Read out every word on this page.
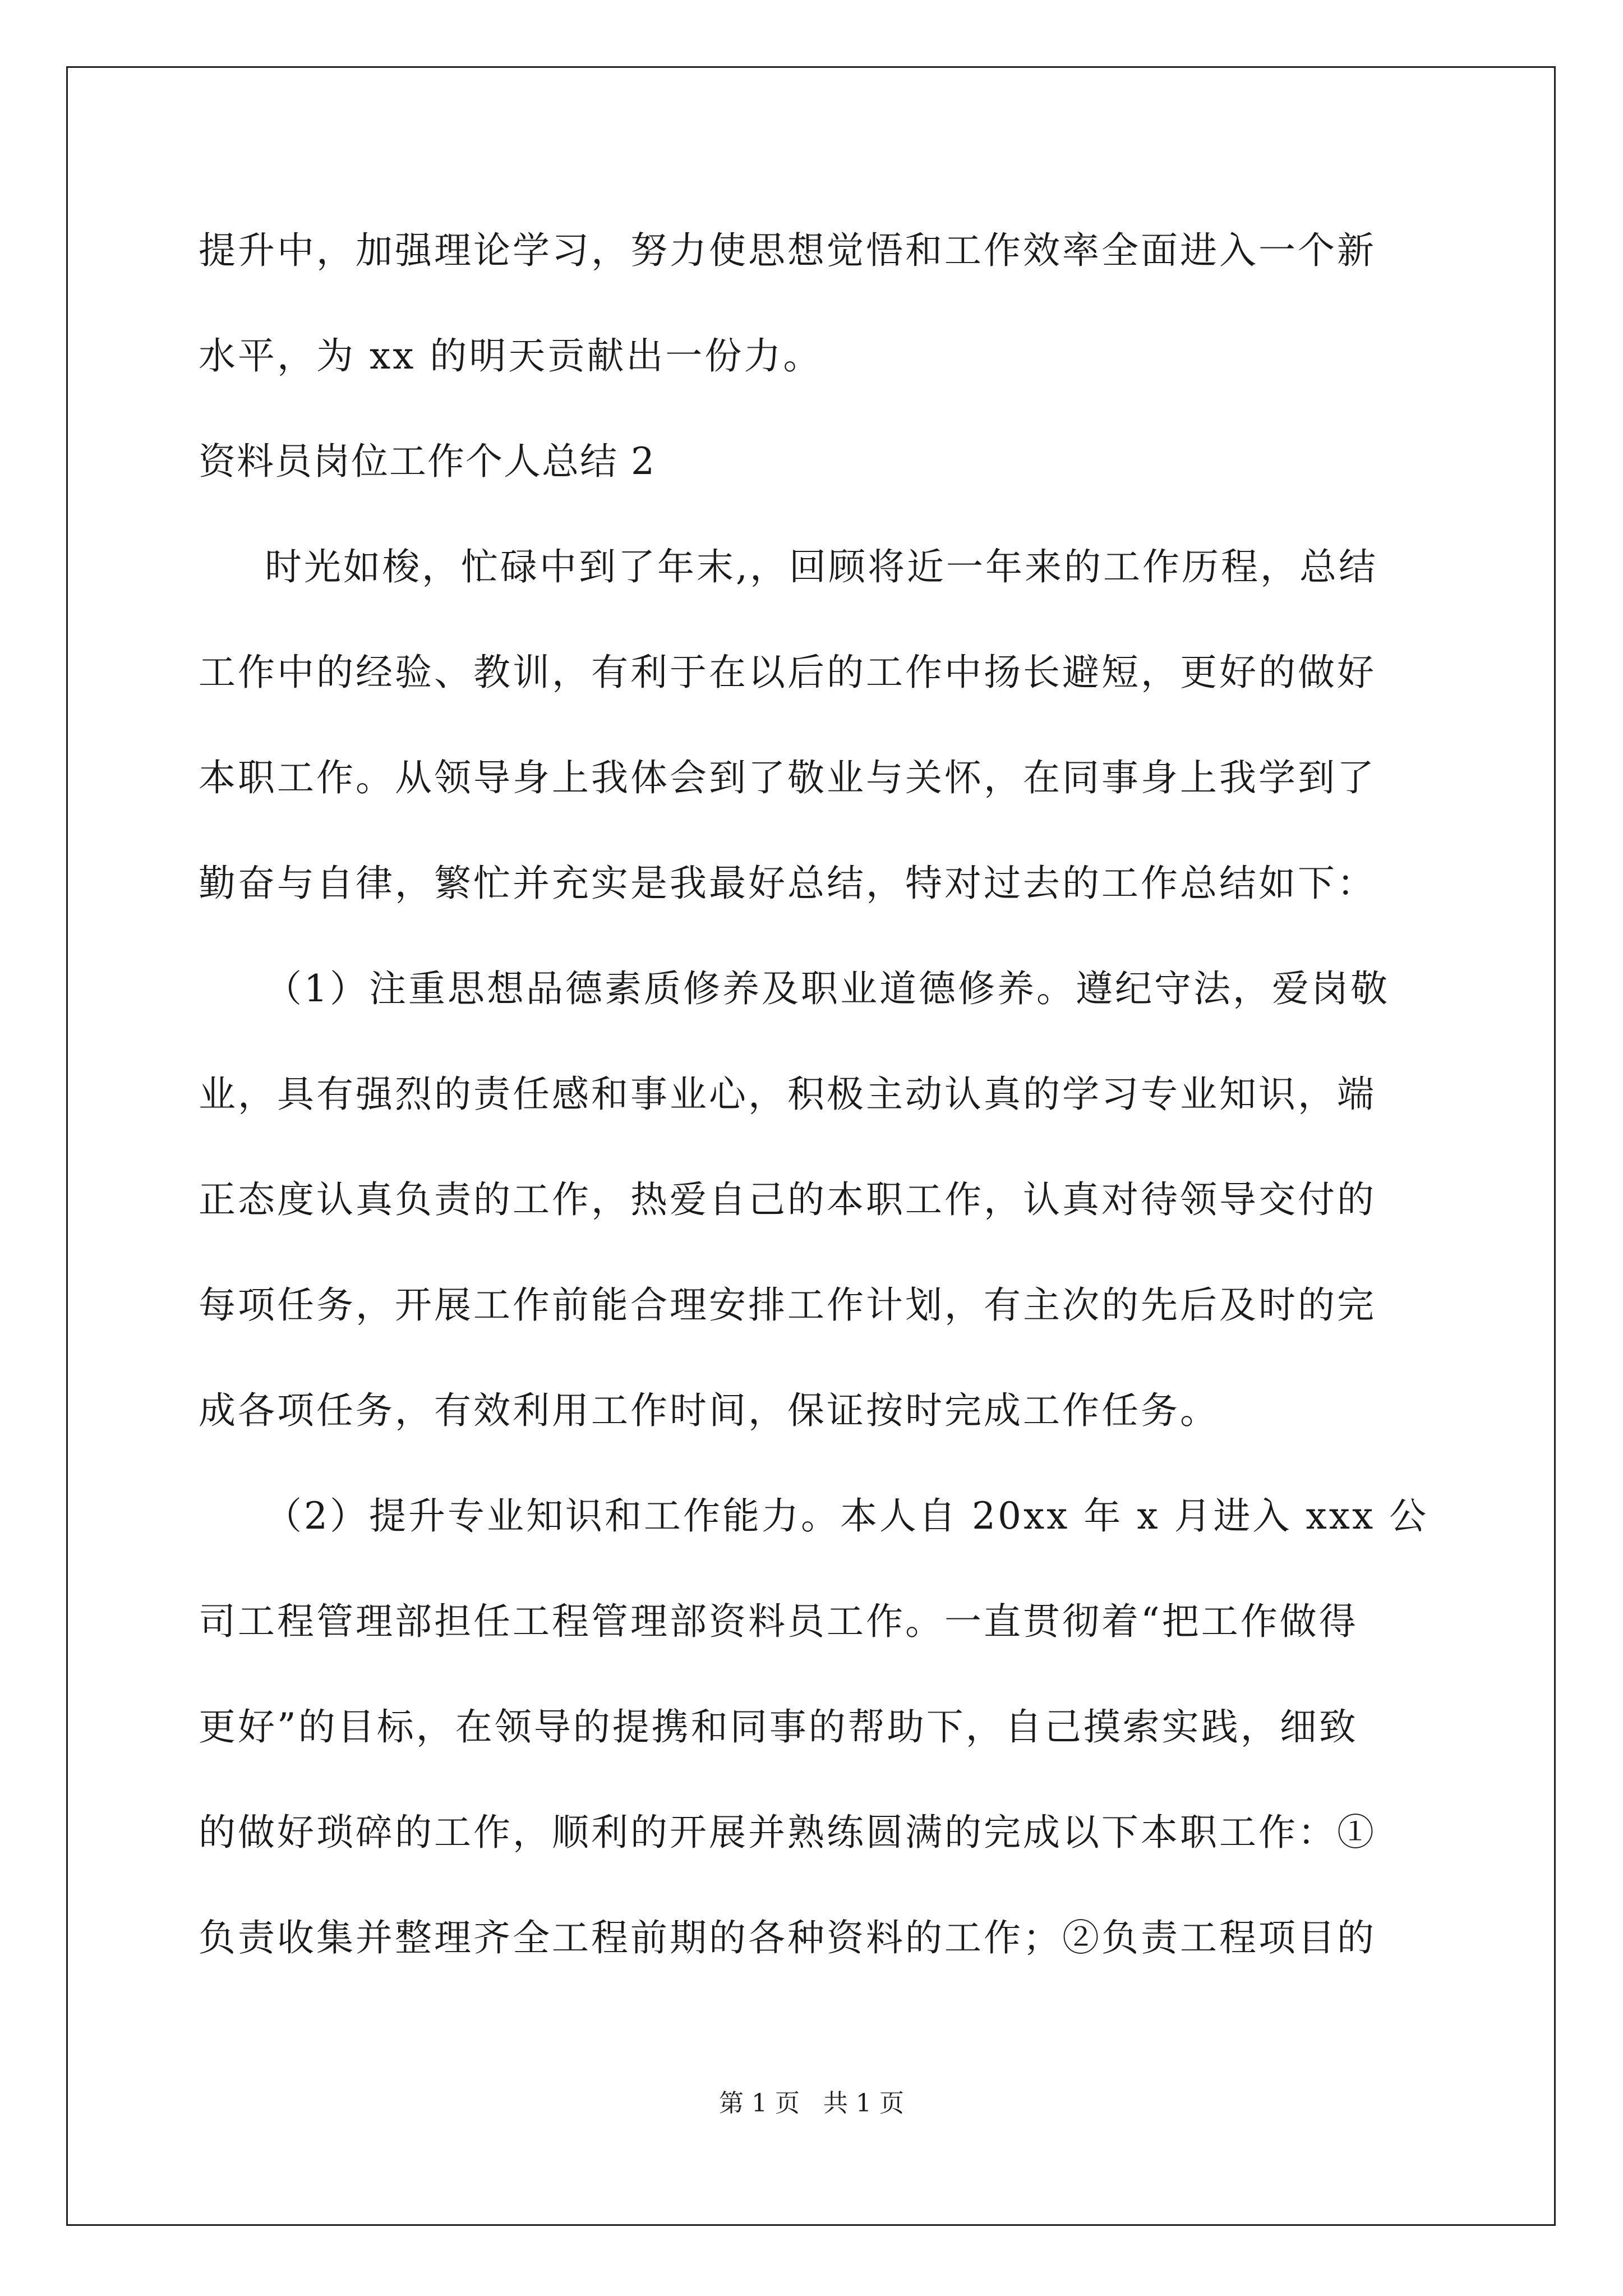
提升中，加强理论学习，努力使思想觉悟和工作效率全面进入一个新
水平，为 xx 的明天贡献出一份力。
资料员岗位工作个人总结 2
时光如梭，忙碌中到了年末,，回顾将近一年来的工作历程，总结
工作中的经验、教训，有利于在以后的工作中扬长避短，更好的做好
本职工作。从领导身上我体会到了敬业与关怀，在同事身上我学到了
勤奋与自律，繁忙并充实是我最好总结，特对过去的工作总结如下：
（1）注重思想品德素质修养及职业道德修养。遵纪守法，爱岗敬
业，具有强烈的责任感和事业心，积极主动认真的学习专业知识，端
正态度认真负责的工作，热爱自己的本职工作，认真对待领导交付的
每项任务，开展工作前能合理安排工作计划，有主次的先后及时的完
成各项任务，有效利用工作时间，保证按时完成工作任务。
（2）提升专业知识和工作能力。本人自 20xx 年 x 月进入 xxx 公
司工程管理部担任工程管理部资料员工作。一直贯彻着“把工作做得
更好”的目标，在领导的提携和同事的帮助下，自己摸索实践，细致
的做好琐碎的工作，顺利的开展并熟练圆满的完成以下本职工作：①
负责收集并整理齐全工程前期的各种资料的工作；②负责工程项目的
第 1 页   共 1 页
